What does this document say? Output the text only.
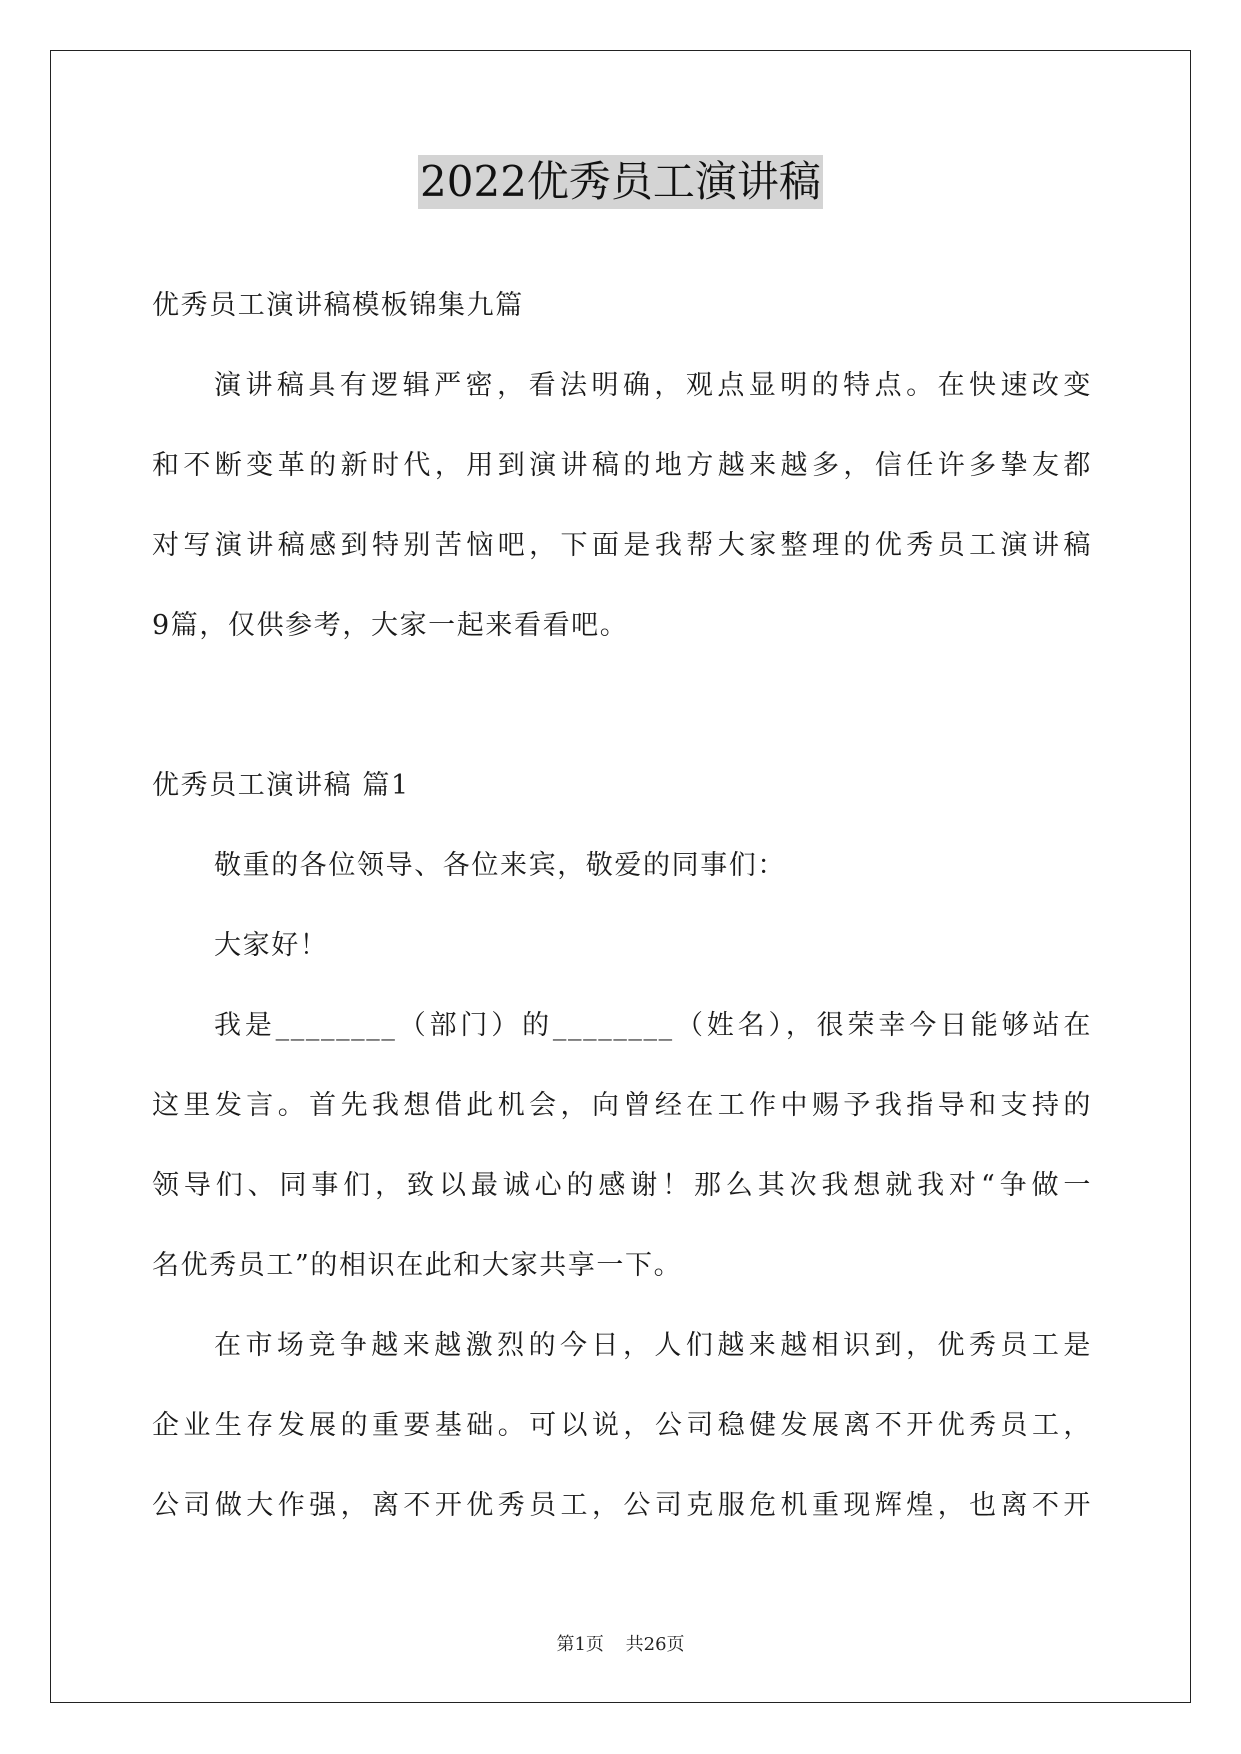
2022优秀员工演讲稿
优秀员工演讲稿模板锦集九篇
演讲稿具有逻辑严密，看法明确，观点显明的特点。在快速改变
和不断变革的新时代，用到演讲稿的地方越来越多，信任许多挚友都
对写演讲稿感到特别苦恼吧，下面是我帮大家整理的优秀员工演讲稿
9篇，仅供参考，大家一起来看看吧。
优秀员工演讲稿 篇1
敬重的各位领导、各位来宾，敬爱的同事们：
大家好！
我是________（部门）的________（姓名），很荣幸今日能够站在
这里发言。首先我想借此机会，向曾经在工作中赐予我指导和支持的
领导们、同事们，致以最诚心的感谢！那么其次我想就我对“争做一
名优秀员工”的相识在此和大家共享一下。
在市场竞争越来越激烈的今日，人们越来越相识到，优秀员工是
企业生存发展的重要基础。可以说，公司稳健发展离不开优秀员工，
公司做大作强，离不开优秀员工，公司克服危机重现辉煌，也离不开
第1页 共26页
